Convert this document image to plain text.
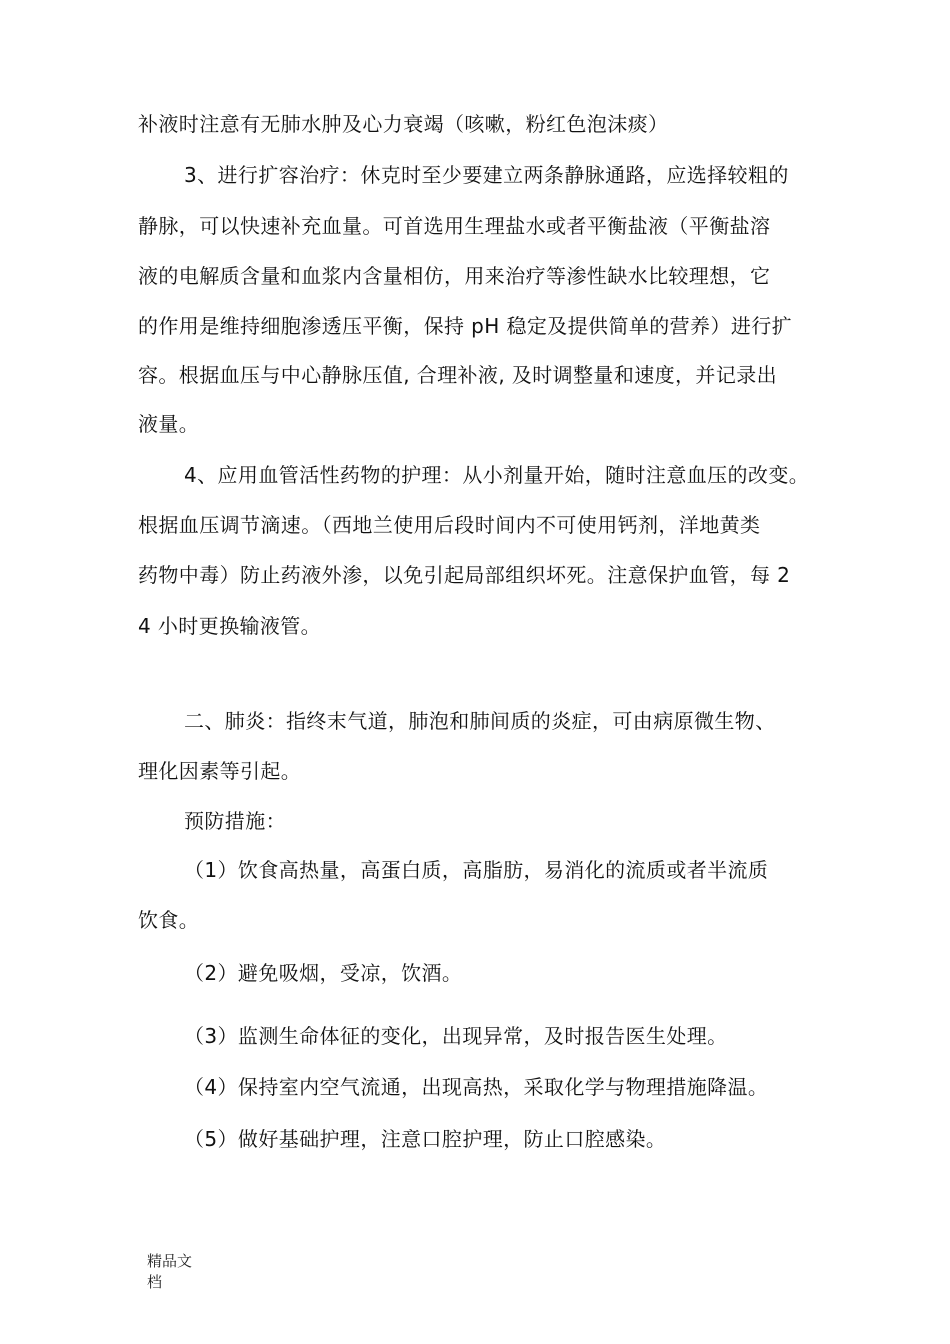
补液时注意有无肺水肿及心力衰竭（咳嗽，粉红色泡沫痰）
3、进行扩容治疗：休克时至少要建立两条静脉通路，应选择较粗的
静脉，可以快速补充血量。可首选用生理盐水或者平衡盐液（平衡盐溶
液的电解质含量和血浆内含量相仿，用来治疗等渗性缺水比较理想，它
的作用是维持细胞渗透压平衡，保持 pH 稳定及提供简单的营养）进行扩
容。根据血压与中心静脉压值, 合理补液, 及时调整量和速度，并记录出
液量。
4、应用血管活性药物的护理：从小剂量开始，随时注意血压的改变。
根据血压调节滴速。（西地兰使用后段时间内不可使用钙剂，洋地黄类
药物中毒）防止药液外渗，以免引起局部组织坏死。注意保护血管，每 2
4 小时更换输液管。
二、肺炎：指终末气道，肺泡和肺间质的炎症，可由病原微生物、
理化因素等引起。
预防措施：
（1）饮食高热量，高蛋白质，高脂肪，易消化的流质或者半流质
饮食。
（2）避免吸烟，受凉，饮酒。
（3）监测生命体征的变化，出现异常，及时报告医生处理。
（4）保持室内空气流通，出现高热，采取化学与物理措施降温。
（5）做好基础护理，注意口腔护理，防止口腔感染。
精品文
档
